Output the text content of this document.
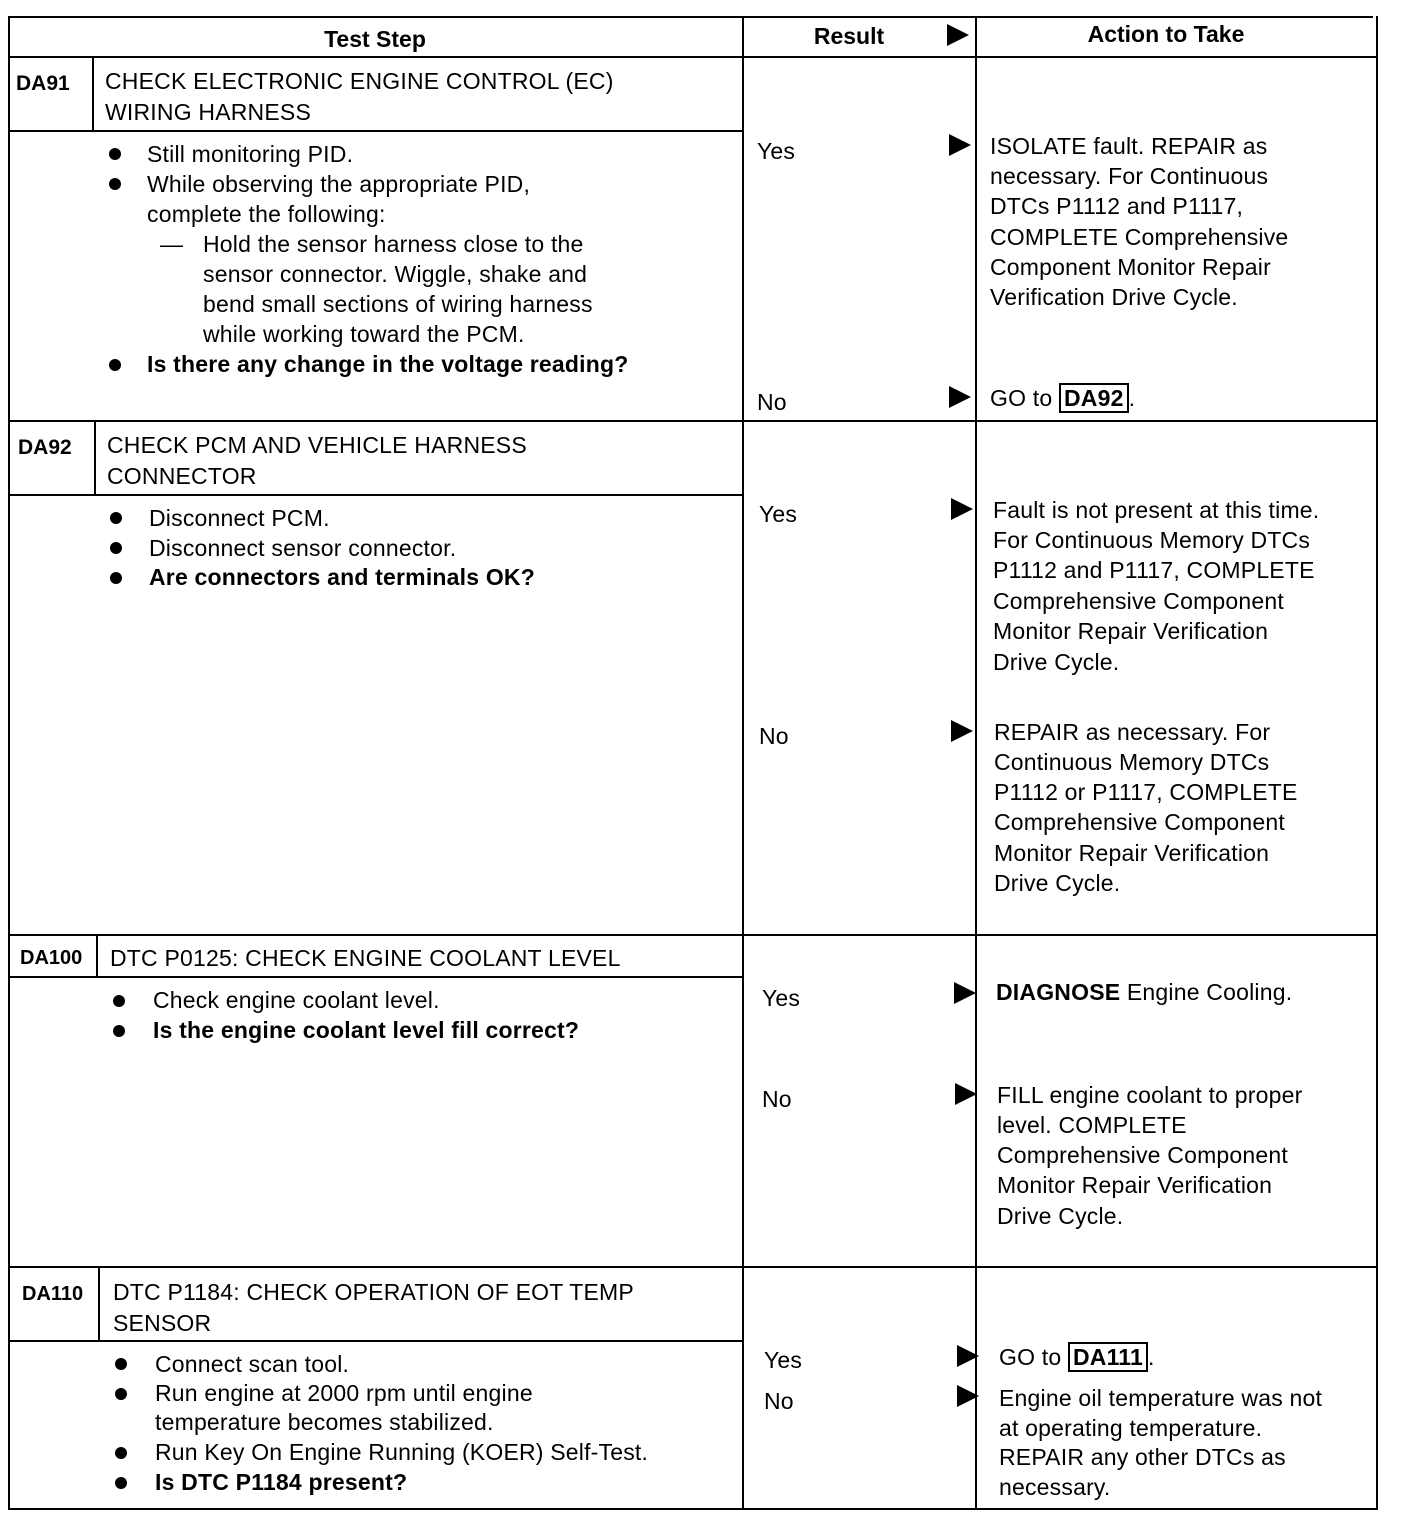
Test Step	Result	Action to Take
DA91 CHECK ELECTRONIC ENGINE CONTROL (EC)
WIRING HARNESS
Still monitoring PID.
While observing the appropriate PID,
complete the following:
— Hold the sensor harness close to the
sensor connector. Wiggle, shake and
bend small sections of wiring harness
while working toward the PCM.
Is there any change in the voltage reading?
Yes
No
ISOLATE fault. REPAIR as
necessary. For Continuous
DTCs P1112 and P1117,
COMPLETE Comprehensive
Component Monitor Repair
Verification Drive Cycle.
GO to DA92 .
DA92 CHECK PCM AND VEHICLE HARNESS
CONNECTOR
Disconnect PCM.
Disconnect sensor connector.
Are connectors and terminals OK?
Yes
No
Fault is not present at this time.
For Continuous Memory DTCs
P1112 and P1117, COMPLETE
Comprehensive Component
Monitor Repair Verification
Drive Cycle.
REPAIR as necessary. For
Continuous Memory DTCs
P1112 or P1117, COMPLETE
Comprehensive Component
Monitor Repair Verification
Drive Cycle.
DA100 DTC P0125: CHECK ENGINE COOLANT LEVEL
Check engine coolant level.
Is the engine coolant level fill correct?
Yes
No
DIAGNOSE Engine Cooling.
FILL engine coolant to proper
level. COMPLETE
Comprehensive Component
Monitor Repair Verification
Drive Cycle.
DA110 DTC P1184: CHECK OPERATION OF EOT TEMP
SENSOR
Connect scan tool.
Run engine at 2000 rpm until engine
temperature becomes stabilized.
Run Key On Engine Running (KOER) Self-Test.
Is DTC P1184 present?
Yes
No
GO to DA111 .
Engine oil temperature was not
at operating temperature.
REPAIR any other DTCs as
necessary.
